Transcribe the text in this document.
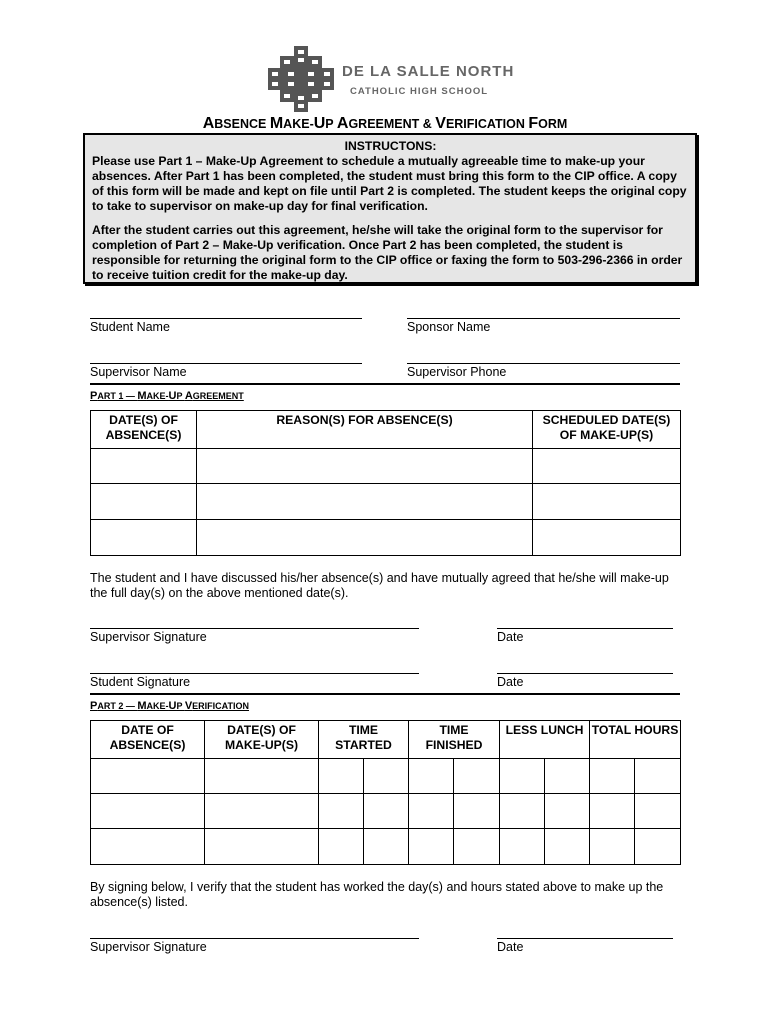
DE LA SALLE NORTH
CATHOLIC HIGH SCHOOL
ABSENCE MAKE-UP AGREEMENT & VERIFICATION FORM
INSTRUCTONS:

Please use Part 1 – Make-Up Agreement to schedule a mutually agreeable time to make-up your absences. After Part 1 has been completed, the student must bring this form to the CIP office. A copy of this form will be made and kept on file until Part 2 is completed. The student keeps the original copy to take to supervisor on make-up day for final verification.

After the student carries out this agreement, he/she will take the original form to the supervisor for completion of Part 2 – Make-Up verification. Once Part 2 has been completed, the student is responsible for returning the original form to the CIP office or faxing the form to 503-296-2366 in order to receive tuition credit for the make-up day.

Student Name	Sponsor Name
Supervisor Name	Supervisor Phone
PART 1 — MAKE-UP AGREEMENT
DATE(S) OF ABSENCE(S)	REASON(S) FOR ABSENCE(S)	SCHEDULED DATE(S) OF MAKE-UP(S)

The student and I have discussed his/her absence(s) and have mutually agreed that he/she will make-up the full day(s) on the above mentioned date(s).
Supervisor Signature	Date
Student Signature	Date
PART 2 — MAKE-UP VERIFICATION
DATE OF ABSENCE(S)	DATE(S) OF MAKE-UP(S)	TIME STARTED		TIME FINISHED		LESS LUNCH		TOTAL HOURS	

By signing below, I verify that the student has worked the day(s) and hours stated above to make up the absence(s) listed.
Supervisor Signature	Date
